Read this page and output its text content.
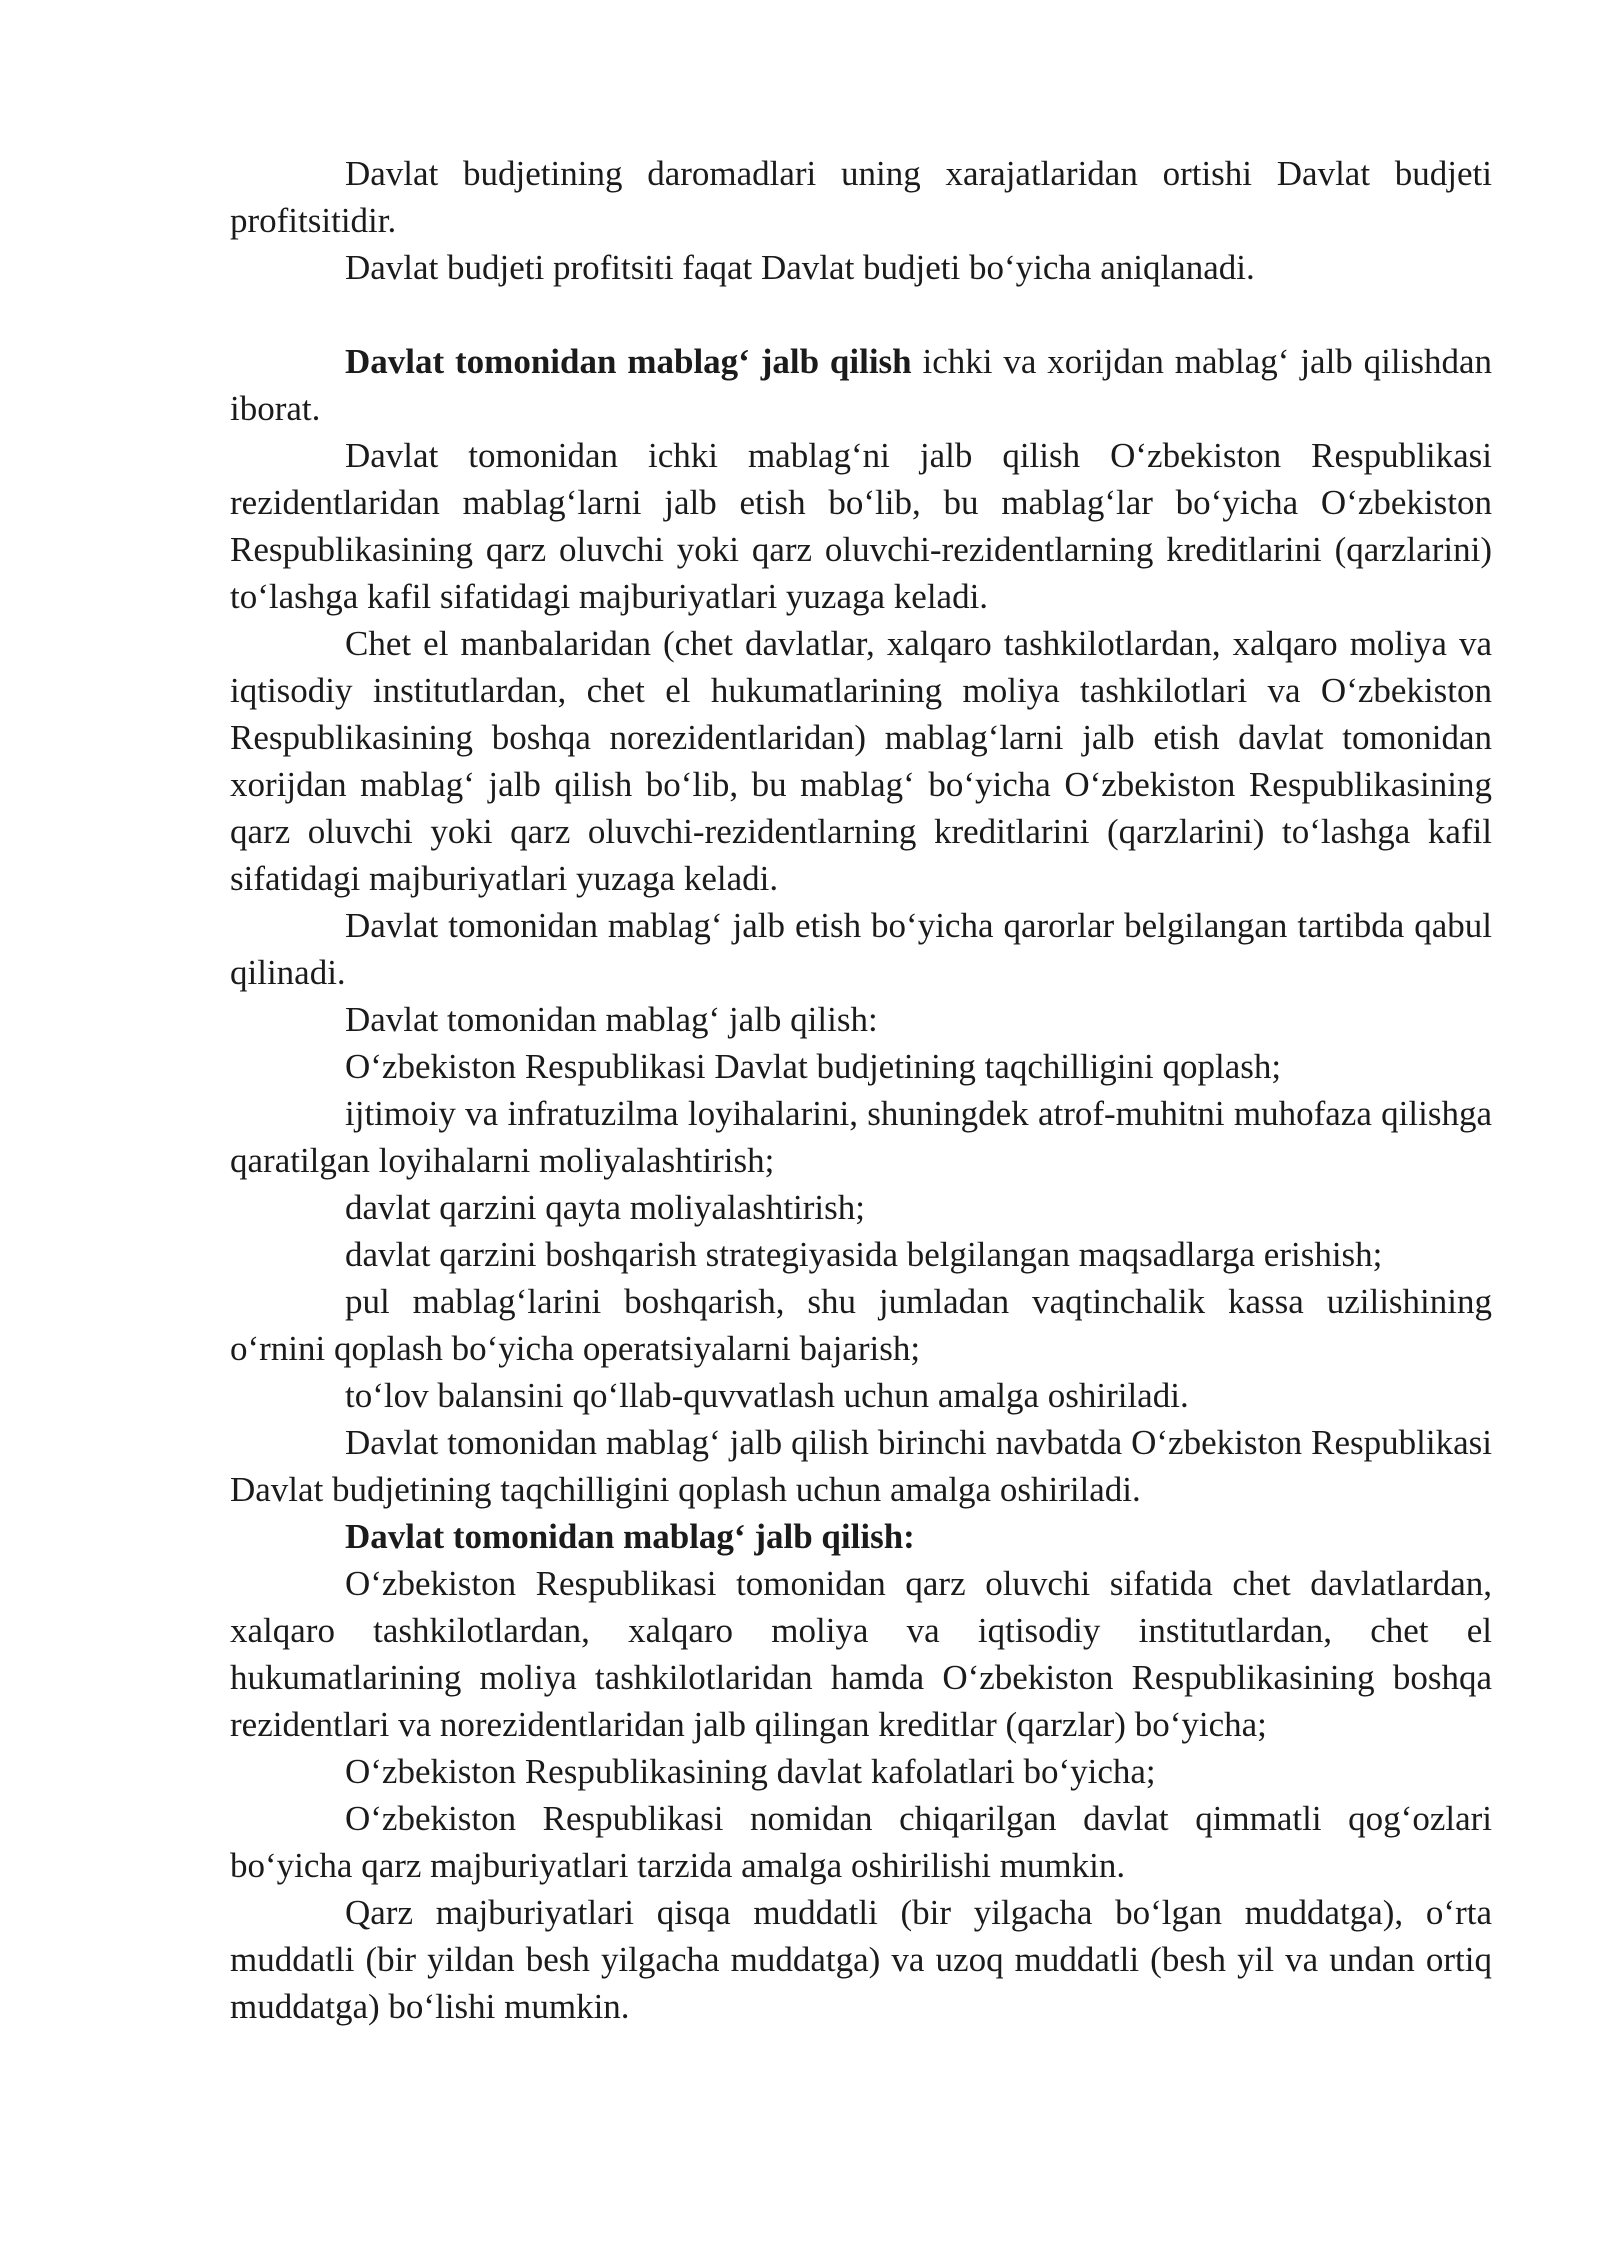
Davlat budjetining daromadlari uning xarajatlaridan ortishi Davlat budjeti profitsitidir.

Davlat budjeti profitsiti faqat Davlat budjeti bo‘yicha aniqlanadi.

Davlat tomonidan mablag‘ jalb qilish ichki va xorijdan mablag‘ jalb qilishdan iborat.

Davlat tomonidan ichki mablag‘ni jalb qilish O‘zbekiston Respublikasi rezidentlaridan mablag‘larni jalb etish bo‘lib, bu mablag‘lar bo‘yicha O‘zbekiston Respublikasining qarz oluvchi yoki qarz oluvchi-rezidentlarning kreditlarini (qarzlarini) to‘lashga kafil sifatidagi majburiyatlari yuzaga keladi.

Chet el manbalaridan (chet davlatlar, xalqaro tashkilotlardan, xalqaro moliya va iqtisodiy institutlardan, chet el hukumatlarining moliya tashkilotlari va O‘zbekiston Respublikasining boshqa norezidentlaridan) mablag‘larni jalb etish davlat tomonidan xorijdan mablag‘ jalb qilish bo‘lib, bu mablag‘ bo‘yicha O‘zbekiston Respublikasining qarz oluvchi yoki qarz oluvchi-rezidentlarning kreditlarini (qarzlarini) to‘lashga kafil sifatidagi majburiyatlari yuzaga keladi.

Davlat tomonidan mablag‘ jalb etish bo‘yicha qarorlar belgilangan tartibda qabul qilinadi.

Davlat tomonidan mablag‘ jalb qilish:

O‘zbekiston Respublikasi Davlat budjetining taqchilligini qoplash;

ijtimoiy va infratuzilma loyihalarini, shuningdek atrof-muhitni muhofaza qilishga qaratilgan loyihalarni moliyalashtirish;

davlat qarzini qayta moliyalashtirish;

davlat qarzini boshqarish strategiyasida belgilangan maqsadlarga erishish;

pul mablag‘larini boshqarish, shu jumladan vaqtinchalik kassa uzilishining o‘rnini qoplash bo‘yicha operatsiyalarni bajarish;

to‘lov balansini qo‘llab-quvvatlash uchun amalga oshiriladi.

Davlat tomonidan mablag‘ jalb qilish birinchi navbatda O‘zbekiston Respublikasi Davlat budjetining taqchilligini qoplash uchun amalga oshiriladi.

Davlat tomonidan mablag‘ jalb qilish:

O‘zbekiston Respublikasi tomonidan qarz oluvchi sifatida chet davlatlardan, xalqaro tashkilotlardan, xalqaro moliya va iqtisodiy institutlardan, chet el hukumatlarining moliya tashkilotlaridan hamda O‘zbekiston Respublikasining boshqa rezidentlari va norezidentlaridan jalb qilingan kreditlar (qarzlar) bo‘yicha;

O‘zbekiston Respublikasining davlat kafolatlari bo‘yicha;

O‘zbekiston Respublikasi nomidan chiqarilgan davlat qimmatli qog‘ozlari bo‘yicha qarz majburiyatlari tarzida amalga oshirilishi mumkin.

Qarz majburiyatlari qisqa muddatli (bir yilgacha bo‘lgan muddatga), o‘rta muddatli (bir yildan besh yilgacha muddatga) va uzoq muddatli (besh yil va undan ortiq muddatga) bo‘lishi mumkin.
